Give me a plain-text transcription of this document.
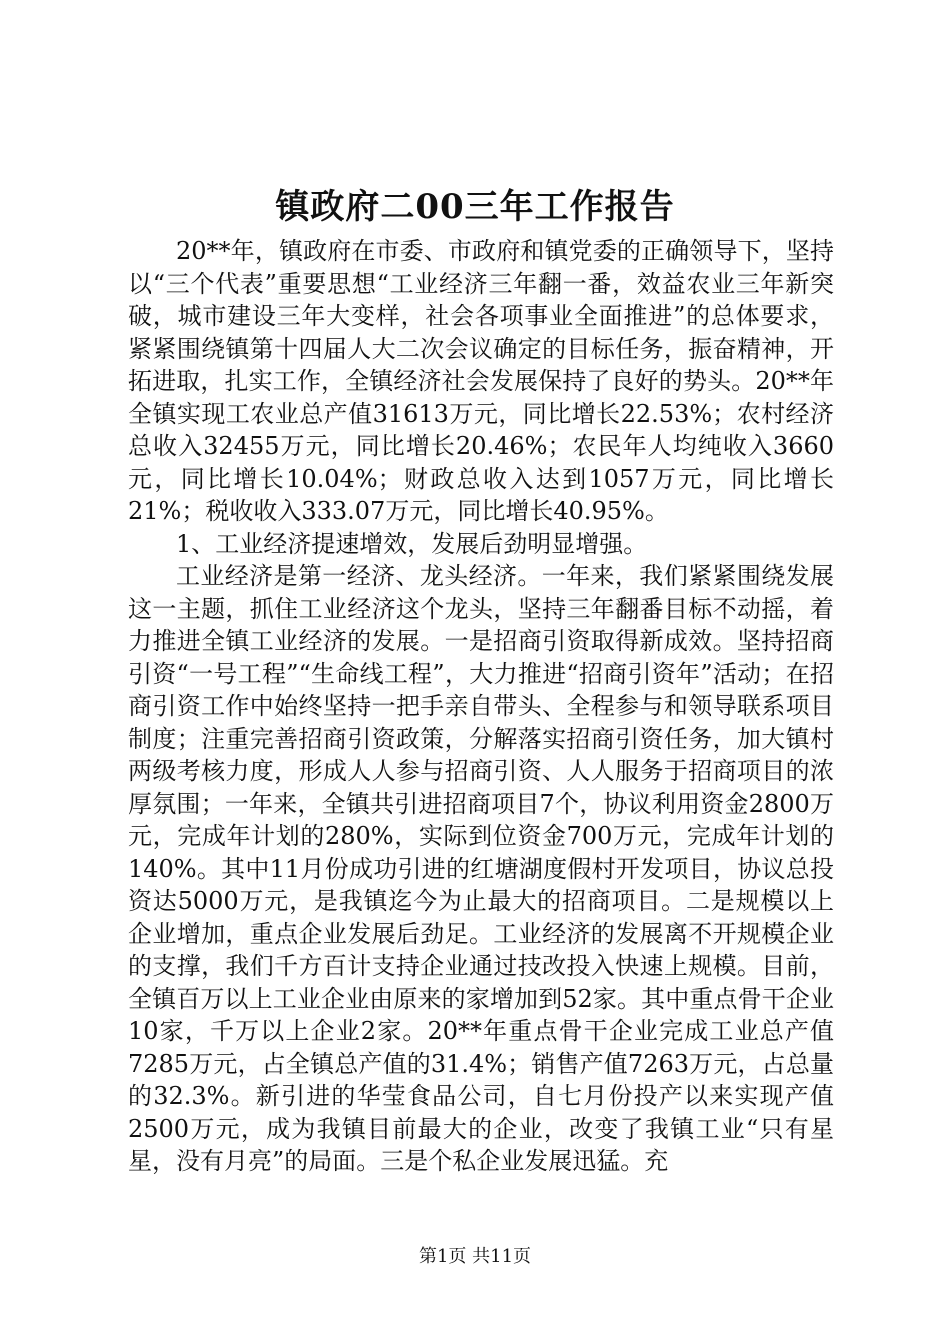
镇政府二00三年工作报告

20**年，镇政府在市委、市政府和镇党委的正确领导下，坚持以“三个代表”重要思想“工业经济三年翻一番，效益农业三年新突破，城市建设三年大变样，社会各项事业全面推进”的总体要求，紧紧围绕镇第十四届人大二次会议确定的目标任务，振奋精神，开拓进取，扎实工作，全镇经济社会发展保持了良好的势头。20**年全镇实现工农业总产值31613万元，同比增长22.53%；农村经济总收入32455万元，同比增长20.46%；农民年人均纯收入3660元，同比增长10.04%；财政总收入达到1057万元，同比增长21%；税收收入333.07万元，同比增长40.95%。

1、工业经济提速增效，发展后劲明显增强。

工业经济是第一经济、龙头经济。一年来，我们紧紧围绕发展这一主题，抓住工业经济这个龙头，坚持三年翻番目标不动摇，着力推进全镇工业经济的发展。一是招商引资取得新成效。坚持招商引资“一号工程”“生命线工程”，大力推进“招商引资年”活动；在招商引资工作中始终坚持一把手亲自带头、全程参与和领导联系项目制度；注重完善招商引资政策，分解落实招商引资任务，加大镇村两级考核力度，形成人人参与招商引资、人人服务于招商项目的浓厚氛围；一年来，全镇共引进招商项目7个，协议利用资金2800万元，完成年计划的280%，实际到位资金700万元，完成年计划的140%。其中11月份成功引进的红塘湖度假村开发项目，协议总投资达5000万元，是我镇迄今为止最大的招商项目。二是规模以上企业增加，重点企业发展后劲足。工业经济的发展离不开规模企业的支撑，我们千方百计支持企业通过技改投入快速上规模。目前，全镇百万以上工业企业由原来的家增加到52家。其中重点骨干企业10家，千万以上企业2家。20**年重点骨干企业完成工业总产值7285万元，占全镇总产值的31.4%；销售产值7263万元，占总量的32.3%。新引进的华莹食品公司，自七月份投产以来实现产值2500万元，成为我镇目前最大的企业，改变了我镇工业“只有星星，没有月亮”的局面。三是个私企业发展迅猛。充

第1页 共11页
